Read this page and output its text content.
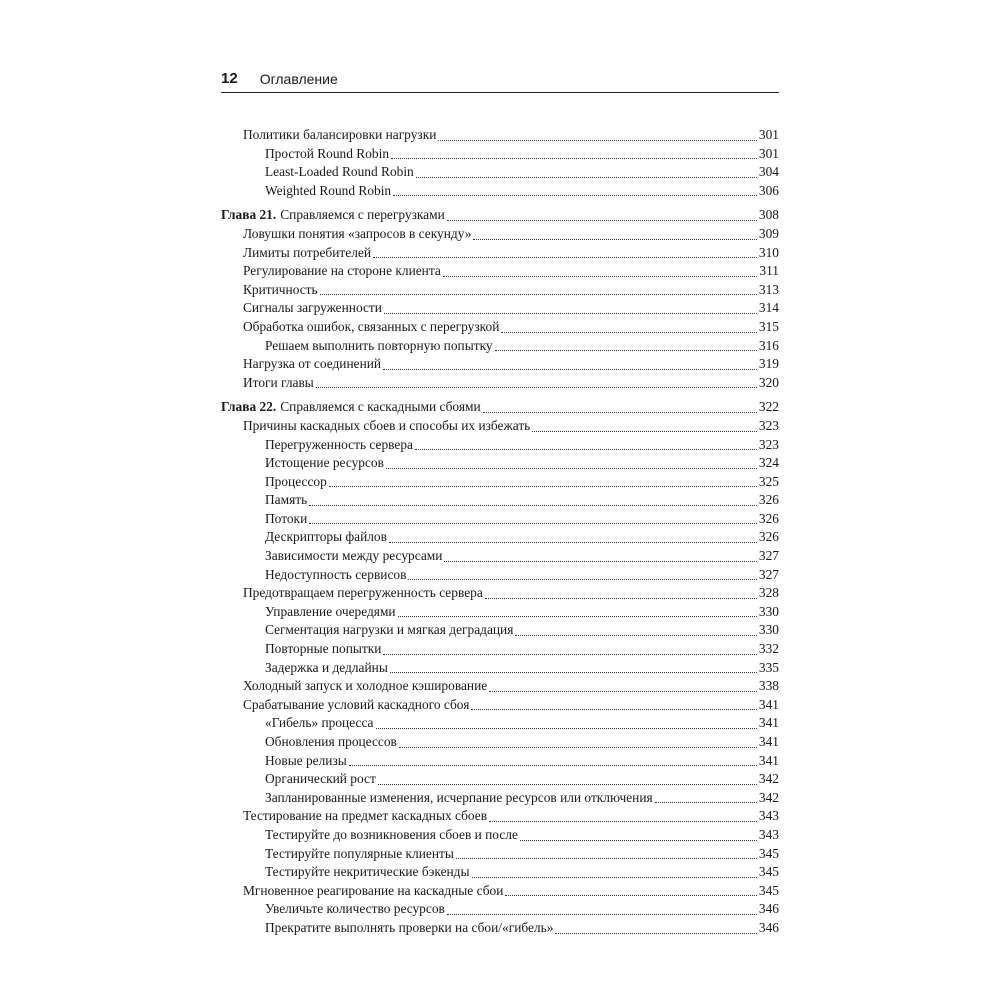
12 Оглавление
Политики балансировки нагрузки	301
Простой Round Robin	301
Least-Loaded Round Robin	304
Weighted Round Robin	306
Глава 21. Справляемся с перегрузками	308
Ловушки понятия «запросов в секунду»	309
Лимиты потребителей	310
Регулирование на стороне клиента	311
Критичность	313
Сигналы загруженности	314
Обработка ошибок, связанных с перегрузкой	315
Решаем выполнить повторную попытку	316
Нагрузка от соединений	319
Итоги главы	320
Глава 22. Справляемся с каскадными сбоями	322
Причины каскадных сбоев и способы их избежать	323
Перегруженность сервера	323
Истощение ресурсов	324
Процессор	325
Память	326
Потоки	326
Дескрипторы файлов	326
Зависимости между ресурсами	327
Недоступность сервисов	327
Предотвращаем перегруженность сервера	328
Управление очередями	330
Сегментация нагрузки и мягкая деградация	330
Повторные попытки	332
Задержка и дедлайны	335
Холодный запуск и холодное кэширование	338
Срабатывание условий каскадного сбоя	341
«Гибель» процесса	341
Обновления процессов	341
Новые релизы	341
Органический рост	342
Запланированные изменения, исчерпание ресурсов или отключения	342
Тестирование на предмет каскадных сбоев	343
Тестируйте до возникновения сбоев и после	343
Тестируйте популярные клиенты	345
Тестируйте некритические бэкенды	345
Мгновенное реагирование на каскадные сбои	345
Увеличьте количество ресурсов	346
Прекратите выполнять проверки на сбои/«гибель»	346
